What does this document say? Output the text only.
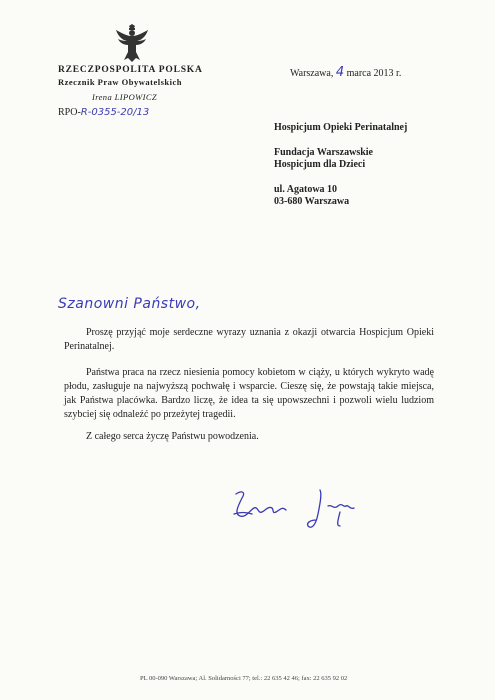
RZECZPOSPOLITA POLSKA
Rzecznik Praw Obywatelskich
Irena LIPOWICZ
RPO-R-0355-20/13
Warszawa, 4 marca 2013 r.
Hospicjum Opieki Perinatalnej
Fundacja Warszawskie
Hospicjum dla Dzieci
ul. Agatowa 10
03-680 Warszawa
Szanowni Państwo,
Proszę przyjąć moje serdeczne wyrazy uznania z okazji otwarcia Hospicjum Opieki Perinatalnej.
Państwa praca na rzecz niesienia pomocy kobietom w ciąży, u których wykryto wadę płodu, zasługuje na najwyższą pochwałę i wsparcie. Cieszę się, że powstają takie miejsca, jak Państwa placówka. Bardzo liczę, że idea ta się upowszechni i pozwoli wielu ludziom szybciej się odnaleźć po przeżytej tragedii.
Z całego serca życzę Państwu powodzenia.
PL 00-090 Warszawa; Al. Solidarności 77; tel.: 22 635 42 46; fax: 22 635 92 02
